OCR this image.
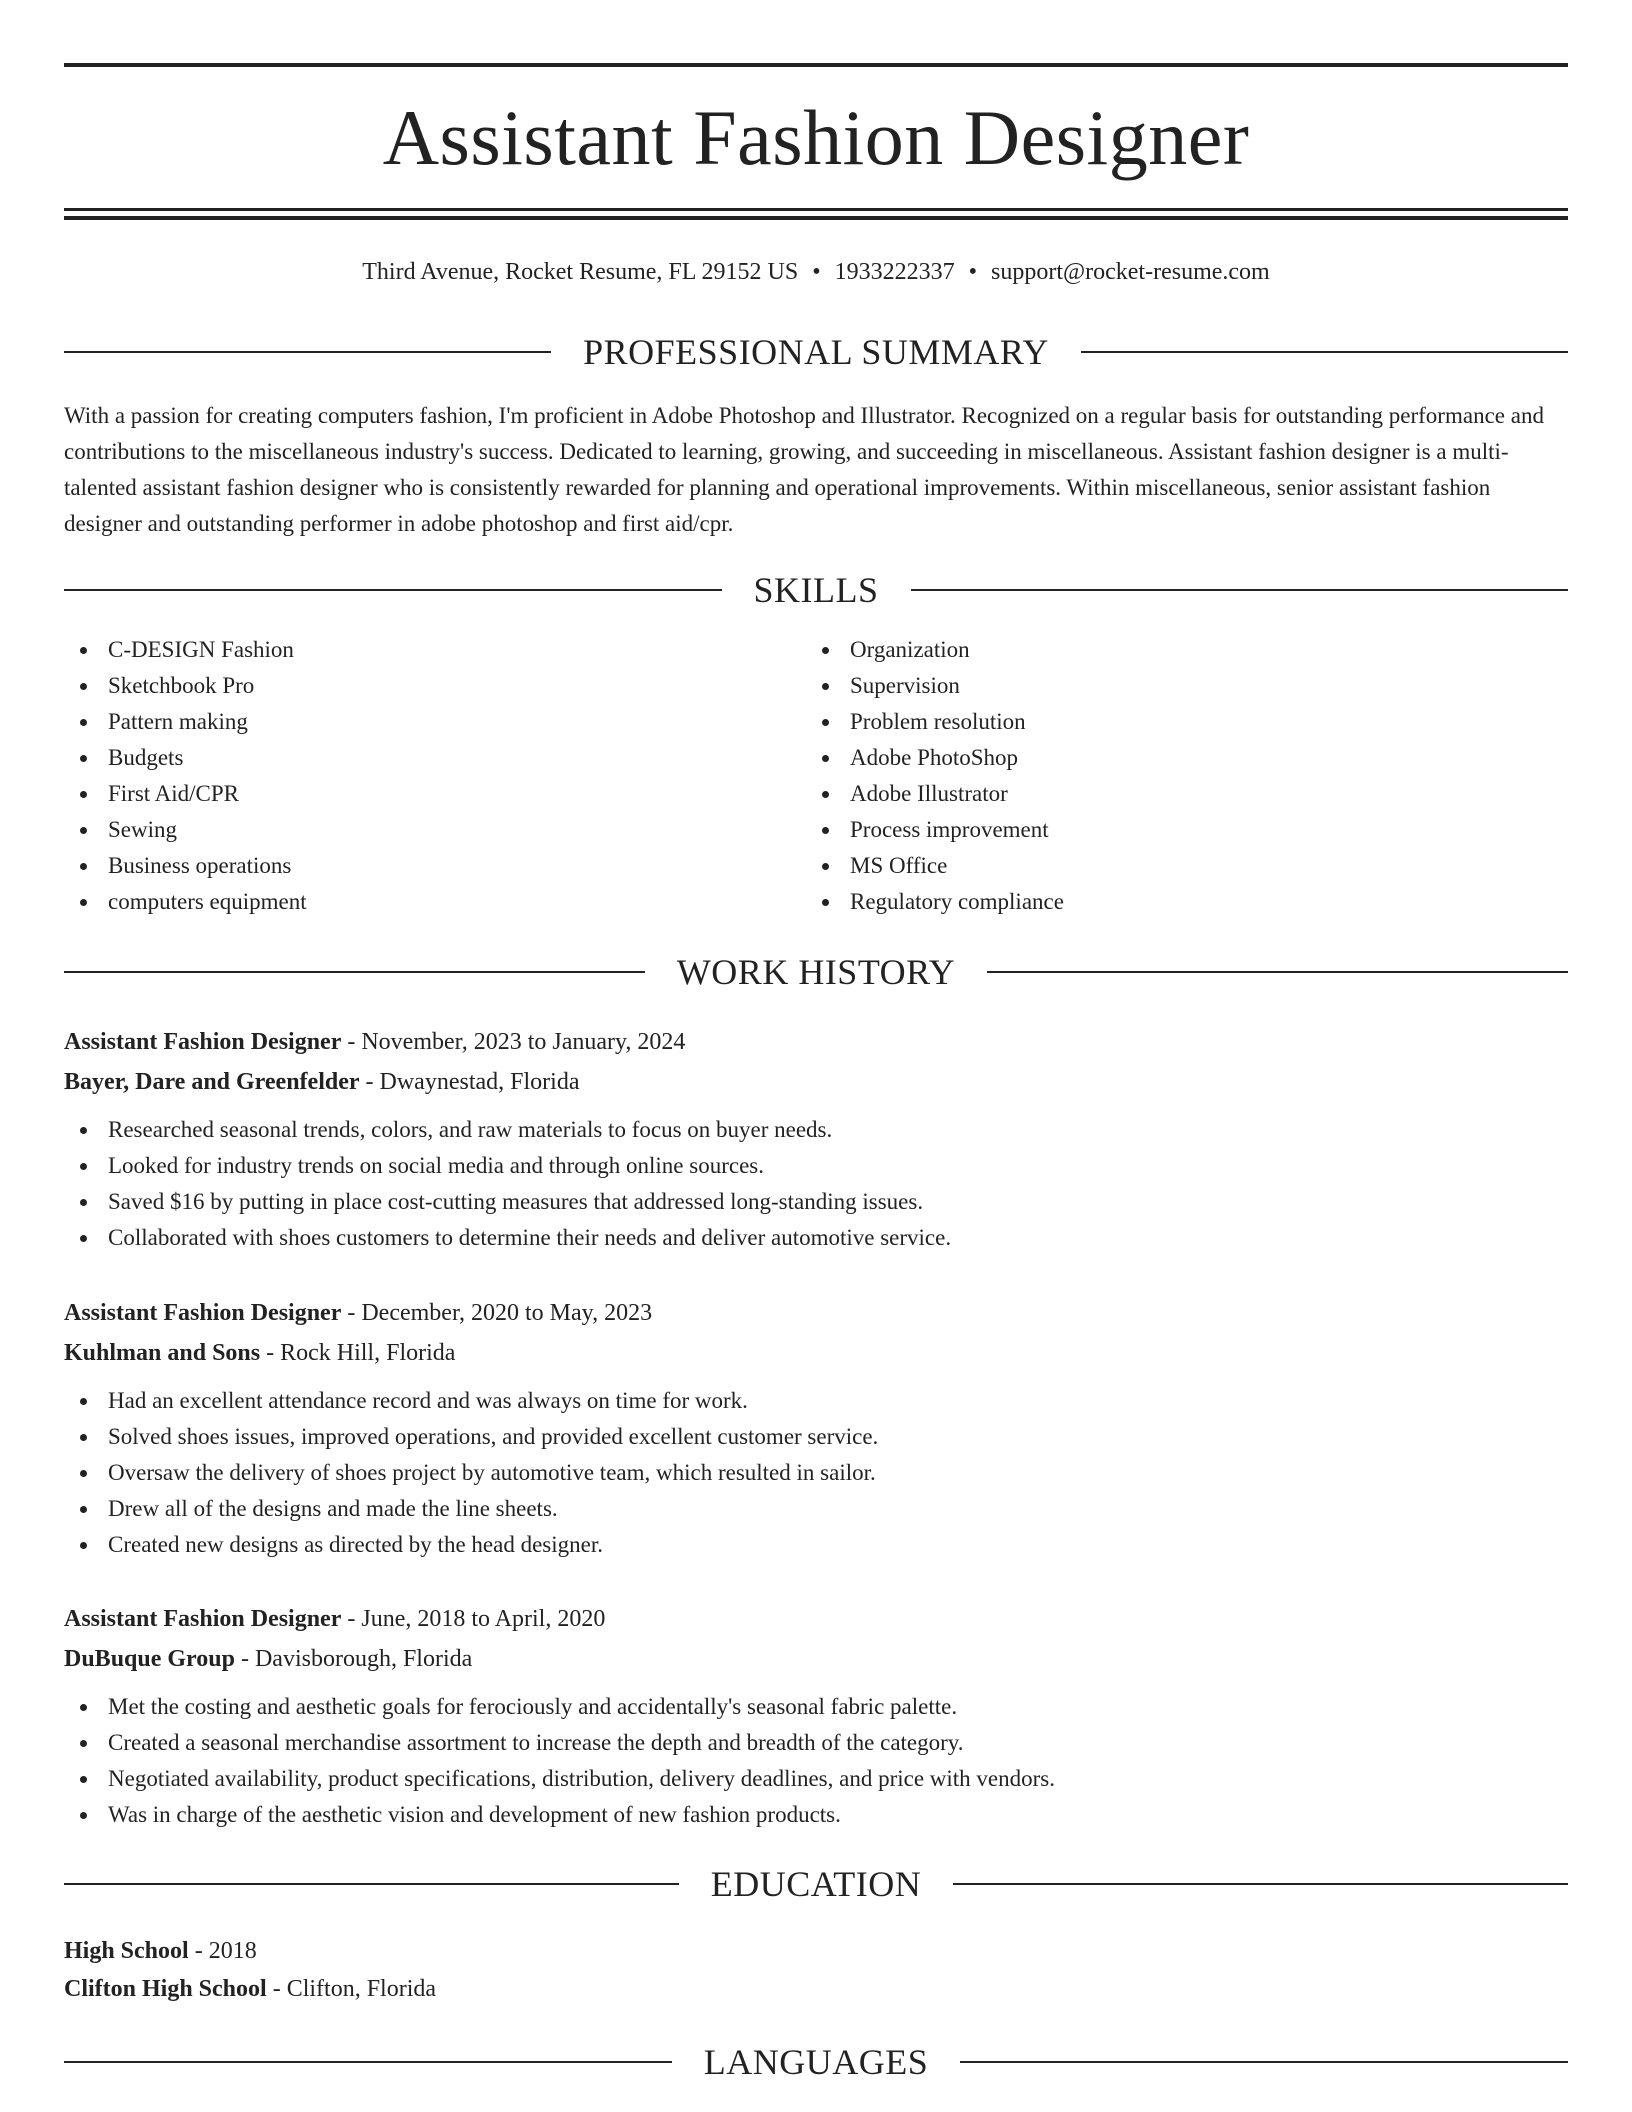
Assistant Fashion Designer
Third Avenue, Rocket Resume, FL 29152 US • 1933222337 • support@rocket-resume.com
PROFESSIONAL SUMMARY

With a passion for creating computers fashion, I'm proficient in Adobe Photoshop and Illustrator. Recognized on a regular basis for outstanding performance and contributions to the miscellaneous industry's success. Dedicated to learning, growing, and succeeding in miscellaneous. Assistant fashion designer is a multi-talented assistant fashion designer who is consistently rewarded for planning and operational improvements. Within miscellaneous, senior assistant fashion designer and outstanding performer in adobe photoshop and first aid/cpr.

SKILLS
C-DESIGN Fashion
Sketchbook Pro
Pattern making
Budgets
First Aid/CPR
Sewing
Business operations
computers equipment
Organization
Supervision
Problem resolution
Adobe PhotoShop
Adobe Illustrator
Process improvement
MS Office
Regulatory compliance
WORK HISTORY

Assistant Fashion Designer - November, 2023 to January, 2024

Bayer, Dare and Greenfelder - Dwaynestad, Florida

Researched seasonal trends, colors, and raw materials to focus on buyer needs.
Looked for industry trends on social media and through online sources.
Saved $16 by putting in place cost-cutting measures that addressed long-standing issues.
Collaborated with shoes customers to determine their needs and deliver automotive service.

Assistant Fashion Designer - December, 2020 to May, 2023

Kuhlman and Sons - Rock Hill, Florida

Had an excellent attendance record and was always on time for work.
Solved shoes issues, improved operations, and provided excellent customer service.
Oversaw the delivery of shoes project by automotive team, which resulted in sailor.
Drew all of the designs and made the line sheets.
Created new designs as directed by the head designer.

Assistant Fashion Designer - June, 2018 to April, 2020

DuBuque Group - Davisborough, Florida

Met the costing and aesthetic goals for ferociously and accidentally's seasonal fabric palette.
Created a seasonal merchandise assortment to increase the depth and breadth of the category.
Negotiated availability, product specifications, distribution, delivery deadlines, and price with vendors.
Was in charge of the aesthetic vision and development of new fashion products.
EDUCATION

High School - 2018

Clifton High School - Clifton, Florida

LANGUAGES
